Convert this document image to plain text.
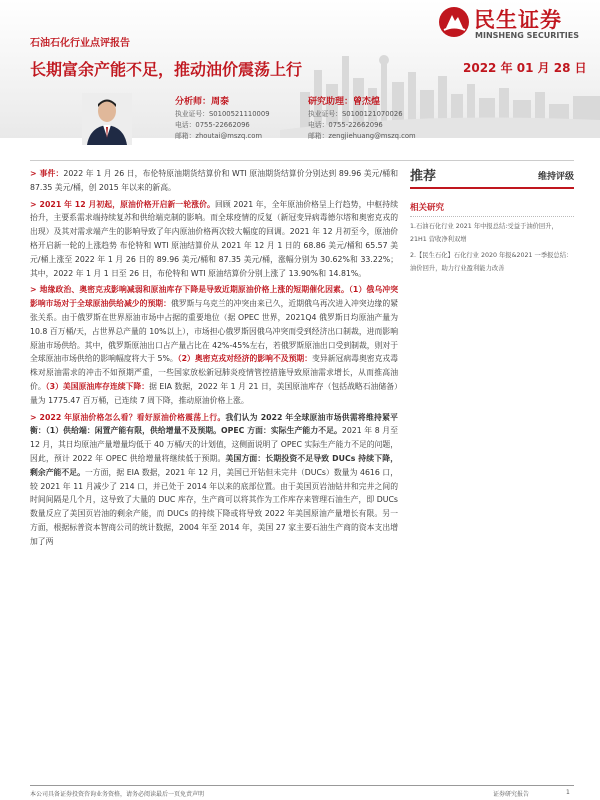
民生证券
MINSHENG SECURITIES
石油石化行业点评报告
长期富余产能不足，推动油价震荡上行	2022 年 01 月 28 日
分析师：周泰
执业证号：S0100521110009
电话：0755-22662096
邮箱：zhoutai@mszq.com
研究助理：曾杰煌
执业证号：S0100121070026
电话：0755-22662096
邮箱：zengjiehuang@mszq.com

> 事件：2022 年 1 月 26 日，布伦特原油期货结算价和 WTI 原油期货结算价分别达到 89.96 美元/桶和 87.35 美元/桶，创 2015 年以来的新高。

> 2021 年 12 月初起，原油价格开启新一轮涨价。回顾 2021 年，全年原油价格呈上行趋势，中枢持续抬升，主要系需求端持续复苏和供给端克制的影响。而全球疫情的反复（新冠变异病毒德尔塔和奥密克戎的出现）及其对需求端产生的影响导致了年内原油价格两次较大幅度的回调。2021 年 12 月初至今，原油价格开启新一轮的上涨趋势 布伦特和 WTI 原油结算价从 2021 年 12 月 1 日的 68.86 美元/桶和 65.57 美元/桶上涨至 2022 年 1 月 26 日的 89.96 美元/桶和 87.35 美元/桶，涨幅分别为 30.62%和 33.22%；其中，2022 年 1 月 1 日至 26 日，布伦特和 WTI 原油结算价分别上涨了 13.90%和 14.81%。

> 地缘政治、奥密克戎影响减弱和原油库存下降是导致近期原油价格上涨的短期催化因素。（1）俄乌冲突影响市场对于全球原油供给减少的预期：俄罗斯与乌克兰的冲突由来已久，近期俄乌再次进入冲突边缘的紧张关系。由于俄罗斯在世界原油市场中占据的重要地位（据 OPEC 世界，2021Q4 俄罗斯日均原油产量为 10.8 百万桶/天，占世界总产量的 10%以上），市场担心俄罗斯因俄乌冲突而受到经济出口制裁，进而影响原油市场供给。其中，俄罗斯原油出口占产量占比在 42%-45%左右，若俄罗斯原油出口受到制裁，则对于全球原油市场供给的影响幅度将大于 5%。（2）奥密克戎对经济的影响不及预期：变异新冠病毒奥密克戎毒株对原油需求的冲击不如预期严重，一些国家放松新冠肺炎疫情管控措施导致原油需求增长，从而推高油价。（3）美国原油库存连续下降：据 EIA 数据，2022 年 1 月 21 日，美国原油库存（包括战略石油储备）量为 1775.47 百万桶，已连续 7 周下降，推动原油价格上涨。

> 2022 年原油价格怎么看？看好原油价格震荡上行。我们认为 2022 年全球原油市场供需将维持紧平衡：（1）供给端：闲置产能有限，供给增量不及预期。OPEC 方面：实际生产能力不足。2021 年 8 月至 12 月，其日均原油产量增量均低于 40 万桶/天的计划值，这侧面说明了 OPEC 实际生产能力不足的问题，因此，预计 2022 年 OPEC 供给增量将继续低于预期。美国方面：长期投资不足导致 DUCs 持续下降，剩余产能不足。一方面，据 EIA 数据，2021 年 12 月，美国已开钻但未完井（DUCs）数量为 4616 口，较 2021 年 11 月减少了 214 口，并已处于 2014 年以来的底部位置。由于美国页岩油钻井和完井之间的时间间隔是几个月，这导致了大量的 DUC 库存，生产商可以将其作为工作库存来管理石油生产，即 DUCs 数量反应了美国页岩油的剩余产能，而 DUCs 的持续下降或将导致 2022 年美国原油产量增长有限。另一方面，根据标普资本智商公司的统计数据，2004 年至 2014 年，美国 27 家主要石油生产商的资本支出增加了两

推荐	维持评级
相关研究
1.石油石化行业 2021 年中报总结:受益于油价回升，21H1 营收净利双增
2.【民生石化】石化行业 2020 年报&2021 一季报总结：油价回升，助力行业盈利能力改善
本公司具备证券投资咨询业务资格，请务必阅读最后一页免责声明	证券研究报告	1
